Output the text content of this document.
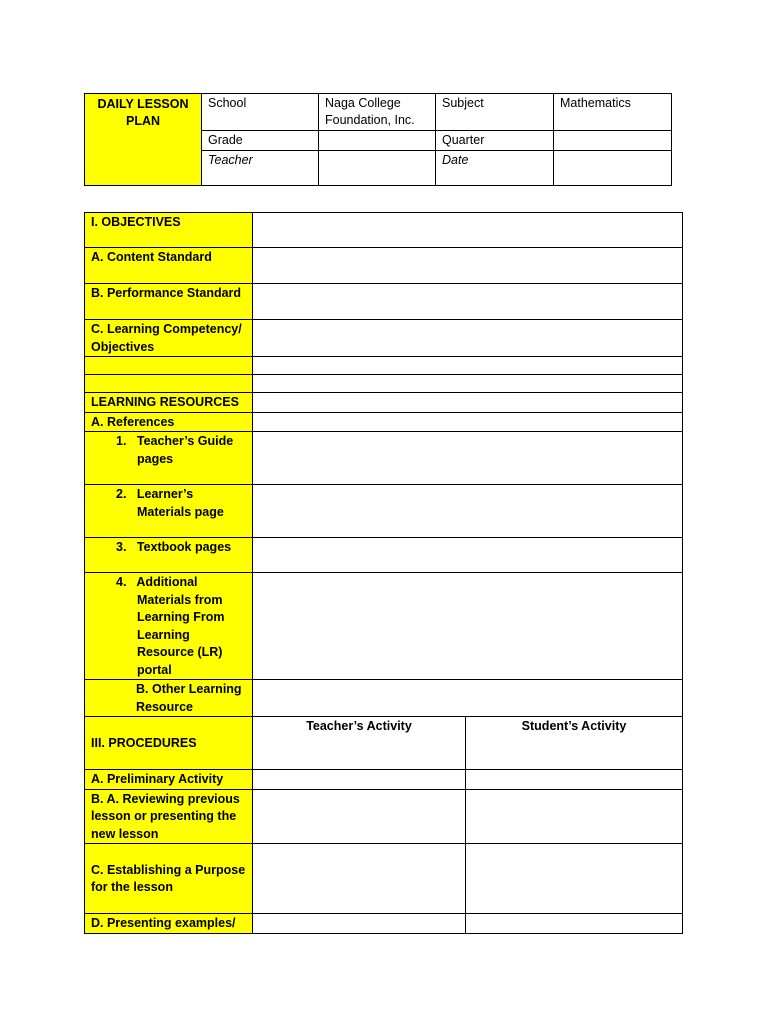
DAILY LESSON PLAN	School	Naga College Foundation, Inc.	Subject	Mathematics
	Grade		Quarter	
	Teacher		Date	
I. OBJECTIVES		
A. Content Standard		
B. Performance Standard		
C. Learning Competency/ Objectives		

LEARNING RESOURCES		
A. References		

1. Teacher’s Guide pages		

2. Learner’s Materials page		

3. Textbook pages		

4. Additional Materials from Learning From Learning Resource (LR) portal		

B. Other Learning Resource		

III. PROCEDURES	Teacher’s Activity	Student’s Activity
A. Preliminary Activity		
B. A. Reviewing previous lesson or presenting the new lesson		
C. Establishing a Purpose for the lesson		
D. Presenting examples/		
